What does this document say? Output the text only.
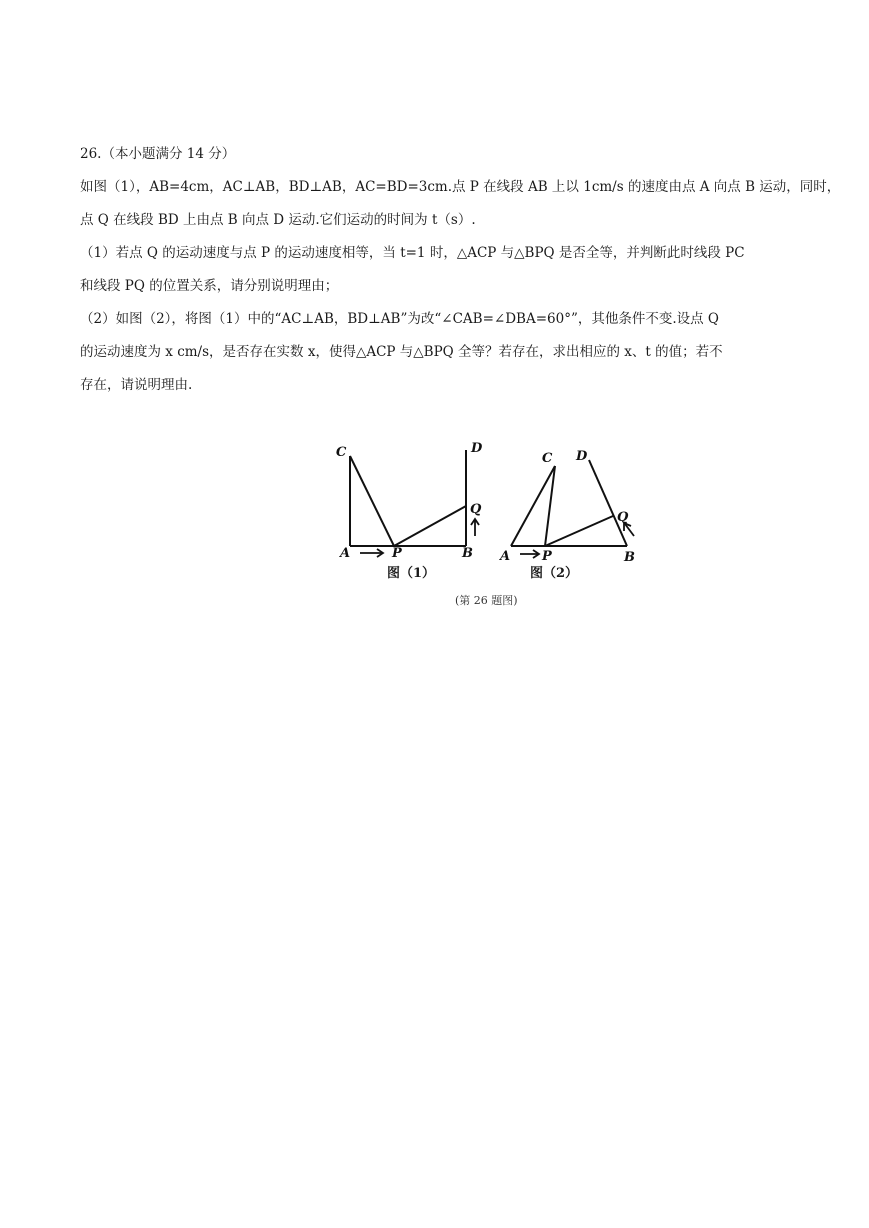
26.（本小题满分 14 分）
如图（1），AB=4cm，AC⊥AB，BD⊥AB，AC=BD=3cm.点 P 在线段 AB 上以 1cm/s 的速度由点 A 向点 B 运动，同时，
点 Q 在线段 BD 上由点 B 向点 D 运动.它们运动的时间为 t（s）.
（1）若点 Q 的运动速度与点 P 的运动速度相等，当 t=1 时，△ACP 与△BPQ 是否全等，并判断此时线段 PC
和线段 PQ 的位置关系，请分别说明理由；
（2）如图（2），将图（1）中的“AC⊥AB，BD⊥AB”为改“∠CAB=∠DBA=60°”，其他条件不变.设点 Q
的运动速度为 x cm/s，是否存在实数 x，使得△ACP 与△BPQ 全等？若存在，求出相应的 x、t 的值；若不
存在，请说明理由.
C	D
Q
A	P	B
C D
Q
A P	B
图（1）	图（2）
(第 26 题图)
